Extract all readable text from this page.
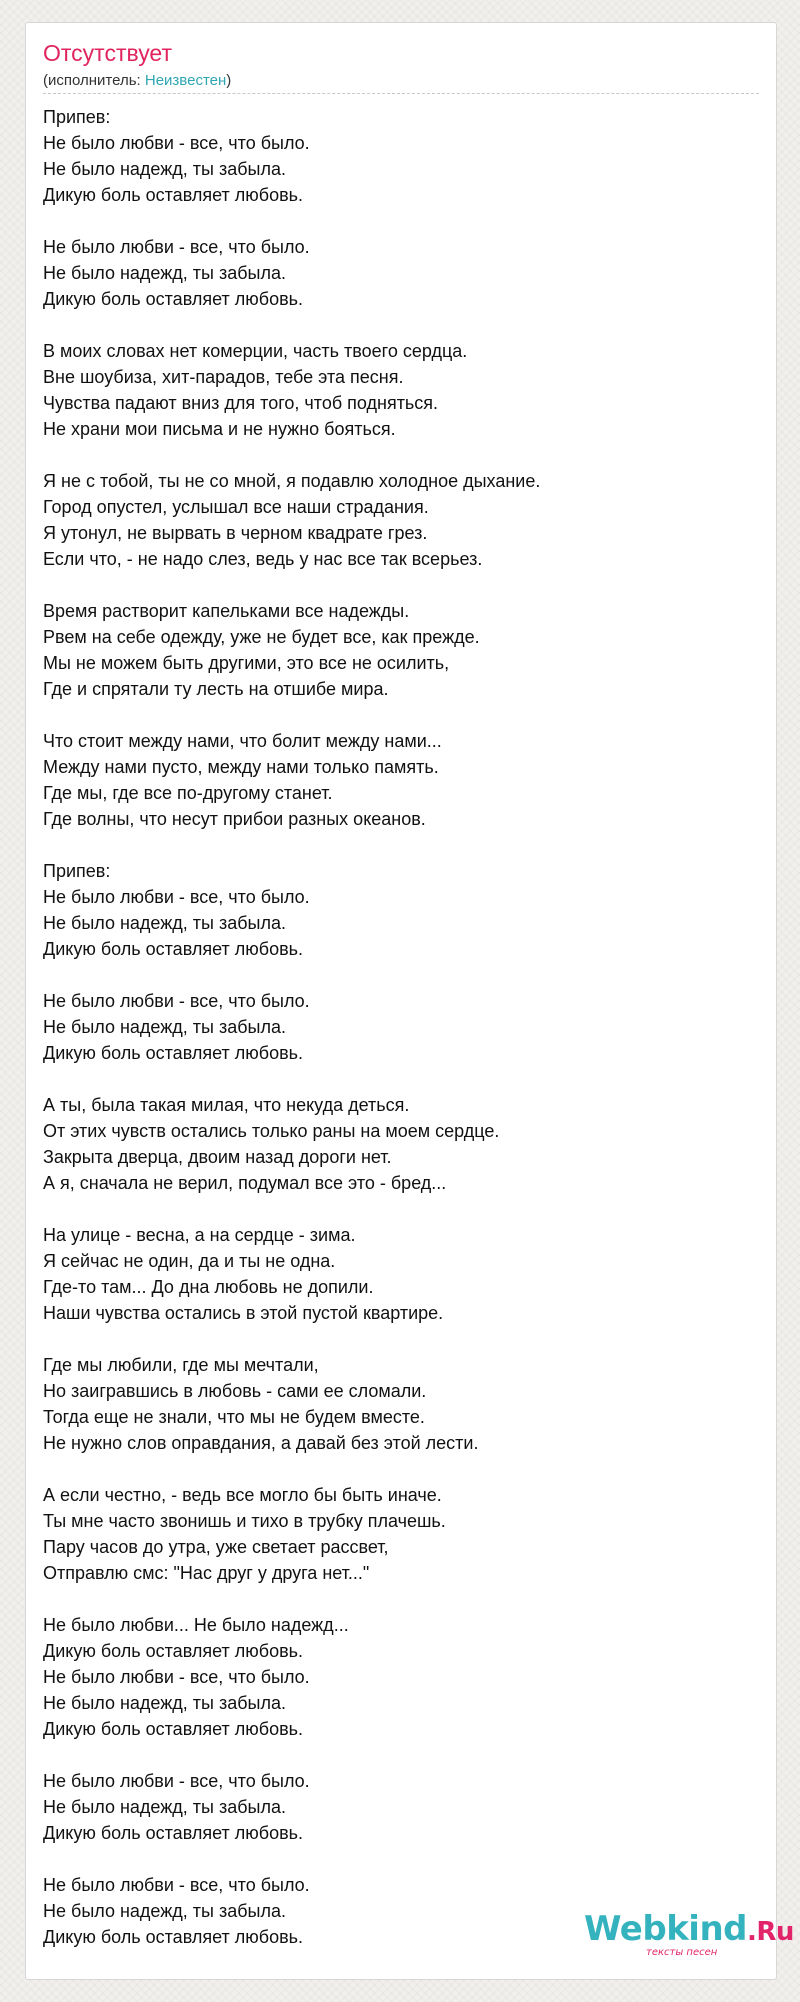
Отсутствует
(исполнитель: Неизвестен)
Припев:
Не было любви - все, что было.
Не было надежд, ты забыла.
Дикую боль оставляет любовь.

Не было любви - все, что было.
Не было надежд, ты забыла.
Дикую боль оставляет любовь.

В моих словах нет комерции, часть твоего сердца.
Вне шоубиза, хит-парадов, тебе эта песня.
Чувства падают вниз для того, чтоб подняться.
Не храни мои письма и не нужно бояться.

Я не с тобой, ты не со мной, я подавлю холодное дыхание.
Город опустел, услышал все наши страдания.
Я утонул, не вырвать в черном квадрате грез.
Если что, - не надо слез, ведь у нас все так всерьез.

Время растворит капельками все надежды.
Рвем на себе одежду, уже не будет все, как прежде.
Мы не можем быть другими, это все не осилить,
Где и спрятали ту лесть на отшибе мира.

Что стоит между нами, что болит между нами...
Между нами пусто, между нами только память.
Где мы, где все по-другому станет.
Где волны, что несут прибои разных океанов.

Припев:
Не было любви - все, что было.
Не было надежд, ты забыла.
Дикую боль оставляет любовь.

Не было любви - все, что было.
Не было надежд, ты забыла.
Дикую боль оставляет любовь.

А ты, была такая милая, что некуда деться.
От этих чувств остались только раны на моем сердце.
Закрыта дверца, двоим назад дороги нет.
А я, сначала не верил, подумал все это - бред...

На улице - весна, а на сердце - зима.
Я сейчас не один, да и ты не одна.
Где-то там... До дна любовь не допили.
Наши чувства остались в этой пустой квартире.

Где мы любили, где мы мечтали,
Но заигравшись в любовь - сами ее сломали.
Тогда еще не знали, что мы не будем вместе.
Не нужно слов оправдания, а давай без этой лести.

А если честно, - ведь все могло бы быть иначе.
Ты мне часто звонишь и тихо в трубку плачешь.
Пару часов до утра, уже светает рассвет,
Отправлю смс: "Нас друг у друга нет..."

Не было любви... Не было надежд...
Дикую боль оставляет любовь.
Не было любви - все, что было.
Не было надежд, ты забыла.
Дикую боль оставляет любовь.

Не было любви - все, что было.
Не было надежд, ты забыла.
Дикую боль оставляет любовь.

Не было любви - все, что было.
Не было надежд, ты забыла.
Дикую боль оставляет любовь.	Webkind.Ru
тексты песен
